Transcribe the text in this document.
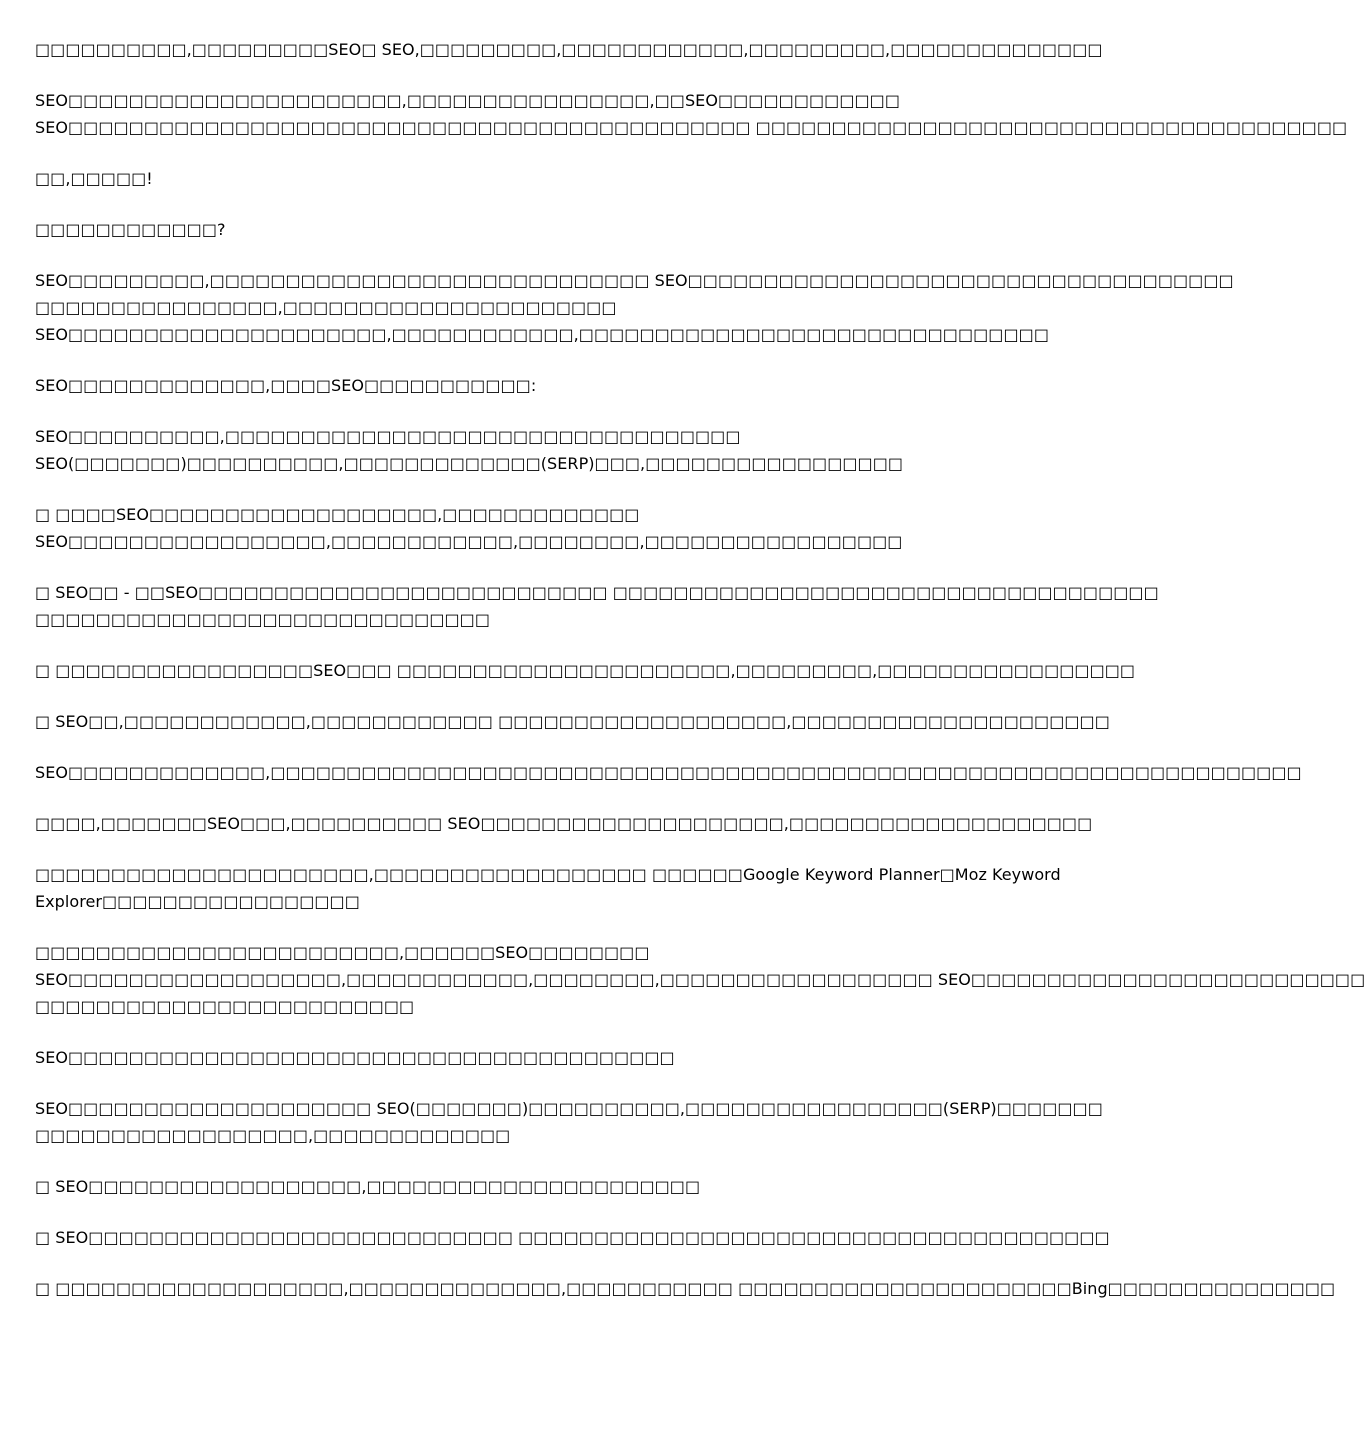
□□□□□□□□□□,□□□□□□□□□SEO□ SEO,□□□□□□□□□,□□□□□□□□□□□□,□□□□□□□□□,□□□□□□□□□□□□□□
SEO□□□□□□□□□□□□□□□□□□□□□□,□□□□□□□□□□□□□□□□,□□SEO□□□□□□□□□□□□
SEO□□□□□□□□□□□□□□□□□□□□□□□□□□□□□□□□□□□□□□□□□□□□□ □□□□□□□□□□□□□□□□□□□□□□□□□□□□□□□□□□□□□□□
□□,□□□□□!
□□□□□□□□□□□□?
SEO□□□□□□□□□,□□□□□□□□□□□□□□□□□□□□□□□□□□□□□ SEO□□□□□□□□□□□□□□□□□□□□□□□□□□□□□□□□□□□□
□□□□□□□□□□□□□□□□,□□□□□□□□□□□□□□□□□□□□□□
SEO□□□□□□□□□□□□□□□□□□□□□,□□□□□□□□□□□□,□□□□□□□□□□□□□□□□□□□□□□□□□□□□□□□
SEO□□□□□□□□□□□□□,□□□□SEO□□□□□□□□□□□:
SEO□□□□□□□□□□,□□□□□□□□□□□□□□□□□□□□□□□□□□□□□□□□□□
SEO(□□□□□□□)□□□□□□□□□□,□□□□□□□□□□□□□(SERP)□□□,□□□□□□□□□□□□□□□□□
□ □□□□SEO□□□□□□□□□□□□□□□□□□□,□□□□□□□□□□□□□
SEO□□□□□□□□□□□□□□□□□,□□□□□□□□□□□□,□□□□□□□□,□□□□□□□□□□□□□□□□□
□ SEO□□ - □□SEO□□□□□□□□□□□□□□□□□□□□□□□□□□□ □□□□□□□□□□□□□□□□□□□□□□□□□□□□□□□□□□□□
□□□□□□□□□□□□□□□□□□□□□□□□□□□□□□
□ □□□□□□□□□□□□□□□□□SEO□□□ □□□□□□□□□□□□□□□□□□□□□□,□□□□□□□□□,□□□□□□□□□□□□□□□□□
□ SEO□□,□□□□□□□□□□□□,□□□□□□□□□□□□ □□□□□□□□□□□□□□□□□□□,□□□□□□□□□□□□□□□□□□□□□
SEO□□□□□□□□□□□□□,□□□□□□□□□□□□□□□□□□□□□□□□□□□□□□□□□□□□□□□□□□□□□□□□□□□□□□□□□□□□□□□□□□□□
□□□□,□□□□□□□SEO□□□,□□□□□□□□□□ SEO□□□□□□□□□□□□□□□□□□□□,□□□□□□□□□□□□□□□□□□□□
□□□□□□□□□□□□□□□□□□□□□□,□□□□□□□□□□□□□□□□□□ □□□□□□Google Keyword Planner□Moz Keyword
Explorer□□□□□□□□□□□□□□□□□
□□□□□□□□□□□□□□□□□□□□□□□□,□□□□□□SEO□□□□□□□□
SEO□□□□□□□□□□□□□□□□□□,□□□□□□□□□□□□,□□□□□□□□,□□□□□□□□□□□□□□□□□□ SEO□□□□□□□□□□□□□□□□□□□□□□□□□□
□□□□□□□□□□□□□□□□□□□□□□□□□
SEO□□□□□□□□□□□□□□□□□□□□□□□□□□□□□□□□□□□□□□□□
SEO□□□□□□□□□□□□□□□□□□□□ SEO(□□□□□□□)□□□□□□□□□□,□□□□□□□□□□□□□□□□□(SERP)□□□□□□□
□□□□□□□□□□□□□□□□□□,□□□□□□□□□□□□□
□ SEO□□□□□□□□□□□□□□□□□□,□□□□□□□□□□□□□□□□□□□□□□
□ SEO□□□□□□□□□□□□□□□□□□□□□□□□□□□□ □□□□□□□□□□□□□□□□□□□□□□□□□□□□□□□□□□□□□□□
□ □□□□□□□□□□□□□□□□□□□,□□□□□□□□□□□□□□,□□□□□□□□□□□ □□□□□□□□□□□□□□□□□□□□□□Bing□□□□□□□□□□□□□□□
